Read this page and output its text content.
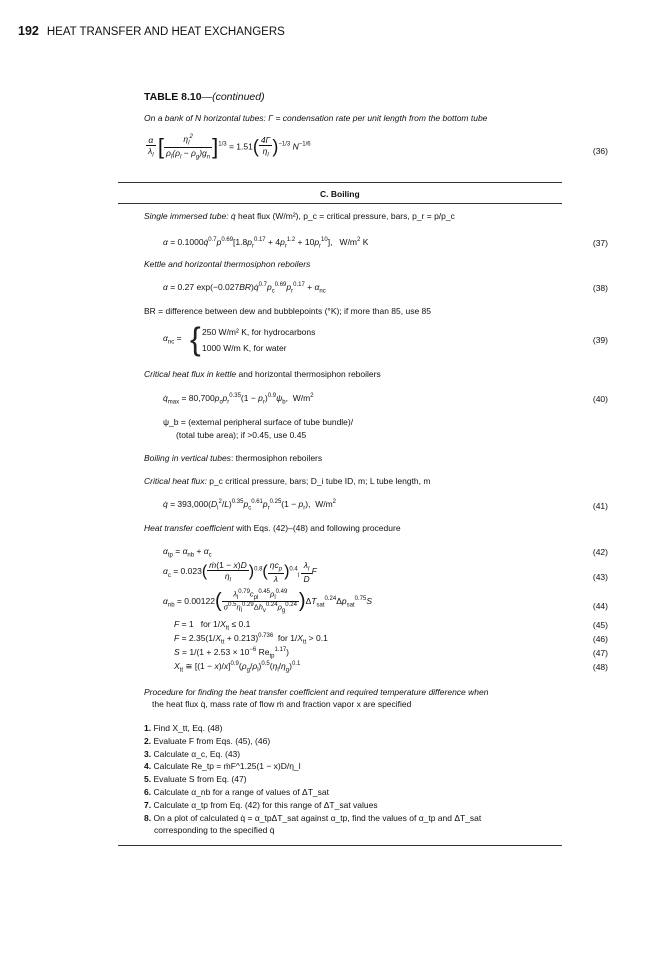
192 HEAT TRANSFER AND HEAT EXCHANGERS
TABLE 8.10—(continued)
On a bank of N horizontal tubes: Γ = condensation rate per unit length from the bottom tube
$\frac{\alpha}{\lambda_l}$ [ $\frac{\eta_l^2}{\rho_l(\rho_l - \rho_g)g_n} ]^{1/3} = 1.51( \frac{4\Gamma}{\eta_l} )^{-1/3}$ $N^{-1/6}$
(36)
C. Boiling
Single immersed tube: q̇ heat flux (W/m²), p_c = critical pressure, bars, p_r = p/p_c
$\alpha = 0.1000q̇^{0.7}p^{0.69}[1.8p_r^{0.17} + 4p_r^{1.2} + 10p_r^{10}]$,   $W/m^2$ K	(37)
Kettle and horizontal thermosiphon reboilers
α = 0.27 $\exp(-0.027BR)q̇^{0.7}p_c^{0.69}p_r^{0.17} + \alpha_{nc}$	(38)
BR = difference between dew and bubblepoints (°K); if more than 85, use 85
$\alpha_{nc}$ = { 250 W/m² K, for hydrocarbons
1000 W/m K, for water
(39)
Critical heat flux in kettle and horizontal thermosiphon reboilers
$q̇_{max} = 80,700p_cp_r^{0.35}(1 - p_r)^{0.9}\psi_b$,  $W/m^2$	(40)
ψ_b = (external peripheral surface of tube bundle)/
(total tube area); if >0.45, use 0.45
Boiling in vertical tubes: thermosiphon reboilers
Critical heat flux: p_c critical pressure, bars; D_i tube ID, m; L tube length, m
q̇ = $393,000(D_i^2/L)^{0.35}p_c^{0.61}p_r^{0.25}(1 - p_r)$,  $W/m^2$	(41)
Heat transfer coefficient with Eqs. (42)–(48) and following procedure
$\alpha_{tp} = \alpha_{nb} + \alpha_c$	(42)
$\alpha_c = 0.023( \frac{\text{ṁ(1 − x)D}}{\eta_l} )^{0.8}( \frac{\eta c_p}{\lambda} )^{0.4}_l \frac{\lambda_l}{D}$ F
(43)
$\alpha_{nb} = 0.00122( \frac{\lambda_l^{0.79}c_{pl}^{0.45}\rho_l^{0.49}}{\sigma^{0.5}\eta_l^{0.29}\Delta h_v^{0.24}\rho_g^{0.24}} )\Delta T_{sat}^{0.24}\Delta p_{sat}^{0.75}S$
(44)
F = 1   for $1/X_{tt} \le 0.1$	(45)
$F = 2.35(1/X_{tt} + 0.213)^{0.736}$  for $1/X_{tt} > 0.1$	(46)
$S = 1/(1 + 2.53 \times 10^{-6}$ $Re_{tp}^{1.17}$)	(47)
$X_{tt}$ ≅ $[(1 - x)/x]^{0.9}(\rho_g/\rho_l)^{0.5}(\eta_l/\eta_g)^{0.1}$	(48)
Procedure for finding the heat transfer coefficient and required temperature difference when
the heat flux q̇, mass rate of flow ṁ and fraction vapor x are specified
1. Find X_tt, Eq. (48)
2. Evaluate F from Eqs. (45), (46)
3. Calculate α_c, Eq. (43)
4. Calculate Re_tp = ṁF^1.25(1 − x)D/η_l
5. Evaluate S from Eq. (47)
6. Calculate α_nb for a range of values of ΔT_sat
7. Calculate α_tp from Eq. (42) for this range of ΔT_sat values
8. On a plot of calculated q̇ = α_tpΔT_sat against α_tp, find the values of α_tp and ΔT_sat
corresponding to the specified q̇
